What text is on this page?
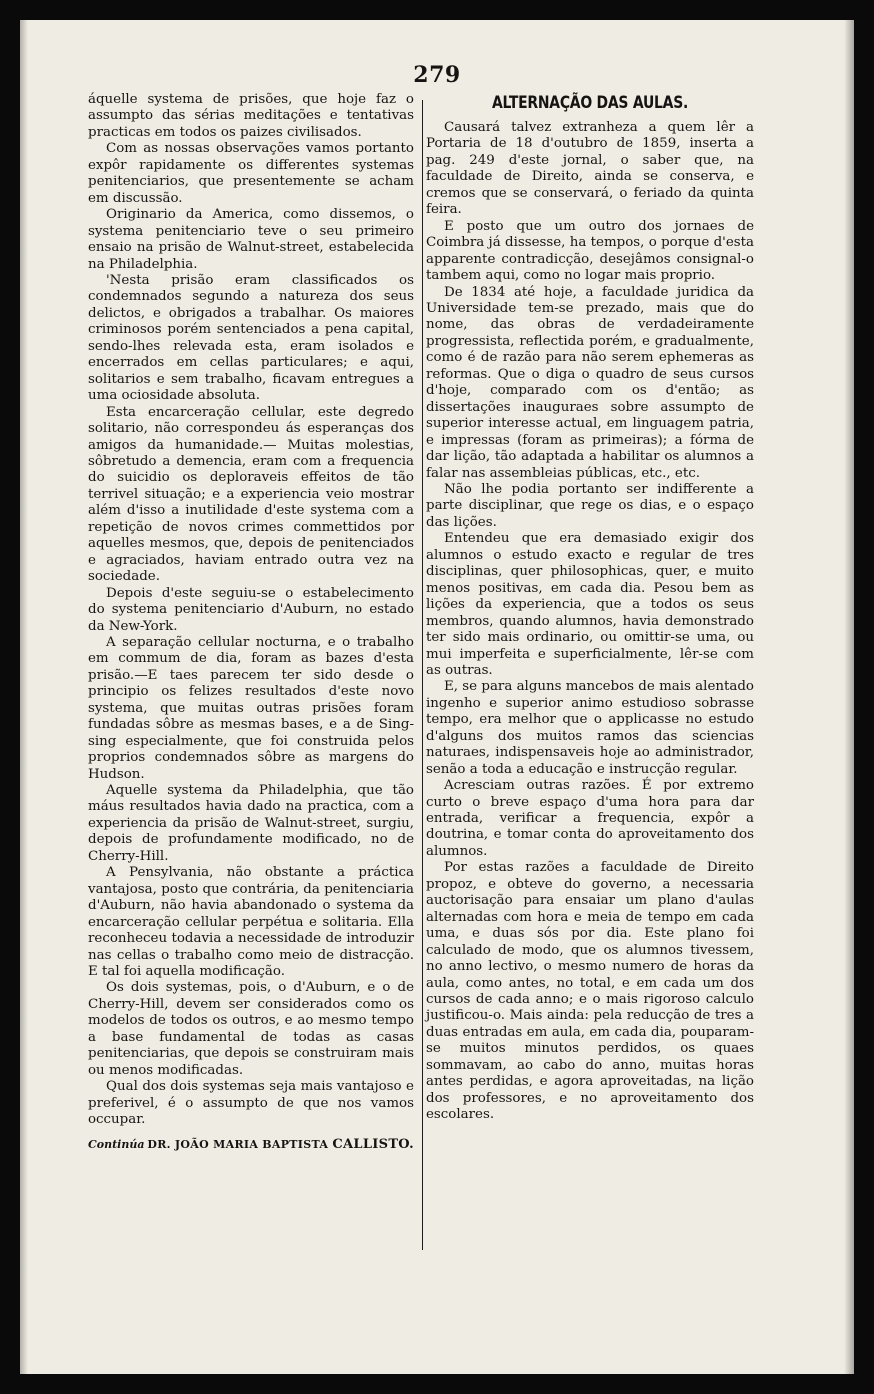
279

áquelle systema de prisões, que hoje faz o assumpto das sérias meditações e tentativas practicas em todos os paizes civilisados.

Com as nossas observações vamos portanto expôr rapidamente os differentes systemas penitenciarios, que presentemente se acham em discussão.

Originario da America, como dissemos, o systema penitenciario teve o seu primeiro ensaio na prisão de Walnut-street, estabelecida na Philadelphia.

'Nesta prisão eram classificados os condemnados segundo a natureza dos seus delictos, e obrigados a trabalhar. Os maiores criminosos porém sentenciados a pena capital, sendo-lhes relevada esta, eram isolados e encerrados em cellas particulares; e aqui, solitarios e sem trabalho, ficavam entregues a uma ociosidade absoluta.

Esta encarceração cellular, este degredo solitario, não correspondeu ás esperanças dos amigos da humanidade.— Muitas molestias, sôbretudo a demencia, eram com a frequencia do suicidio os deploraveis effeitos de tão terrivel situação; e a experiencia veio mostrar além d'isso a inutilidade d'este systema com a repetição de novos crimes commettidos por aquelles mesmos, que, depois de penitenciados e agraciados, haviam entrado outra vez na sociedade.

Depois d'este seguiu-se o estabelecimento do systema penitenciario d'Auburn, no estado da New-York.

A separação cellular nocturna, e o trabalho em commum de dia, foram as bazes d'esta prisão.—E taes parecem ter sido desde o principio os felizes resultados d'este novo systema, que muitas outras prisões foram fundadas sôbre as mesmas bases, e a de Sing-sing especialmente, que foi construida pelos proprios condemnados sôbre as margens do Hudson.

Aquelle systema da Philadelphia, que tão máus resultados havia dado na practica, com a experiencia da prisão de Walnut-street, surgiu, depois de profundamente modificado, no de Cherry-Hill.

A Pensylvania, não obstante a práctica vantajosa, posto que contrária, da penitenciaria d'Auburn, não havia abandonado o systema da encarceração cellular perpétua e solitaria. Ella reconheceu todavia a necessidade de introduzir nas cellas o trabalho como meio de distracção. E tal foi aquella modificação.

Os dois systemas, pois, o d'Auburn, e o de Cherry-Hill, devem ser considerados como os modelos de todos os outros, e ao mesmo tempo a base fundamental de todas as casas penitenciarias, que depois se construiram mais ou menos modificadas.

Qual dos dois systemas seja mais vantajoso e preferivel, é o assumpto de que nos vamos occupar.

Continúa DR. JOÃO MARIA BAPTISTA CALLISTO.
ALTERNAÇÃO DAS AULAS.

Causará talvez extranheza a quem lêr a Portaria de 18 d'outubro de 1859, inserta a pag. 249 d'este jornal, o saber que, na faculdade de Direito, ainda se conserva, e cremos que se conservará, o feriado da quinta feira.

E posto que um outro dos jornaes de Coimbra já dissesse, ha tempos, o porque d'esta apparente contradicção, desejâmos consignal-o tambem aqui, como no logar mais proprio.

De 1834 até hoje, a faculdade juridica da Universidade tem-se prezado, mais que do nome, das obras de verdadeiramente progressista, reflectida porém, e gradualmente, como é de razão para não serem ephemeras as reformas. Que o diga o quadro de seus cursos d'hoje, comparado com os d'então; as dissertações inauguraes sobre assumpto de superior interesse actual, em linguagem patria, e impressas (foram as primeiras); a fórma de dar lição, tão adaptada a habilitar os alumnos a falar nas assembleias públicas, etc., etc.

Não lhe podia portanto ser indifferente a parte disciplinar, que rege os dias, e o espaço das lições.

Entendeu que era demasiado exigir dos alumnos o estudo exacto e regular de tres disciplinas, quer philosophicas, quer, e muito menos positivas, em cada dia. Pesou bem as lições da experiencia, que a todos os seus membros, quando alumnos, havia demonstrado ter sido mais ordinario, ou omittir-se uma, ou mui imperfeita e superficialmente, lêr-se com as outras.

E, se para alguns mancebos de mais alentado ingenho e superior animo estudioso sobrasse tempo, era melhor que o applicasse no estudo d'alguns dos muitos ramos das sciencias naturaes, indispensaveis hoje ao administrador, senão a toda a educação e instrucção regular.

Acresciam outras razões. É por extremo curto o breve espaço d'uma hora para dar entrada, verificar a frequencia, expôr a doutrina, e tomar conta do aproveitamento dos alumnos.

Por estas razões a faculdade de Direito propoz, e obteve do governo, a necessaria auctorisação para ensaiar um plano d'aulas alternadas com hora e meia de tempo em cada uma, e duas sós por dia. Este plano foi calculado de modo, que os alumnos tivessem, no anno lectivo, o mesmo numero de horas da aula, como antes, no total, e em cada um dos cursos de cada anno; e o mais rigoroso calculo justificou-o. Mais ainda: pela reducção de tres a duas entradas em aula, em cada dia, pouparam-se muitos minutos perdidos, os quaes sommavam, ao cabo do anno, muitas horas antes perdidas, e agora aproveitadas, na lição dos professores, e no aproveitamento dos escolares.
